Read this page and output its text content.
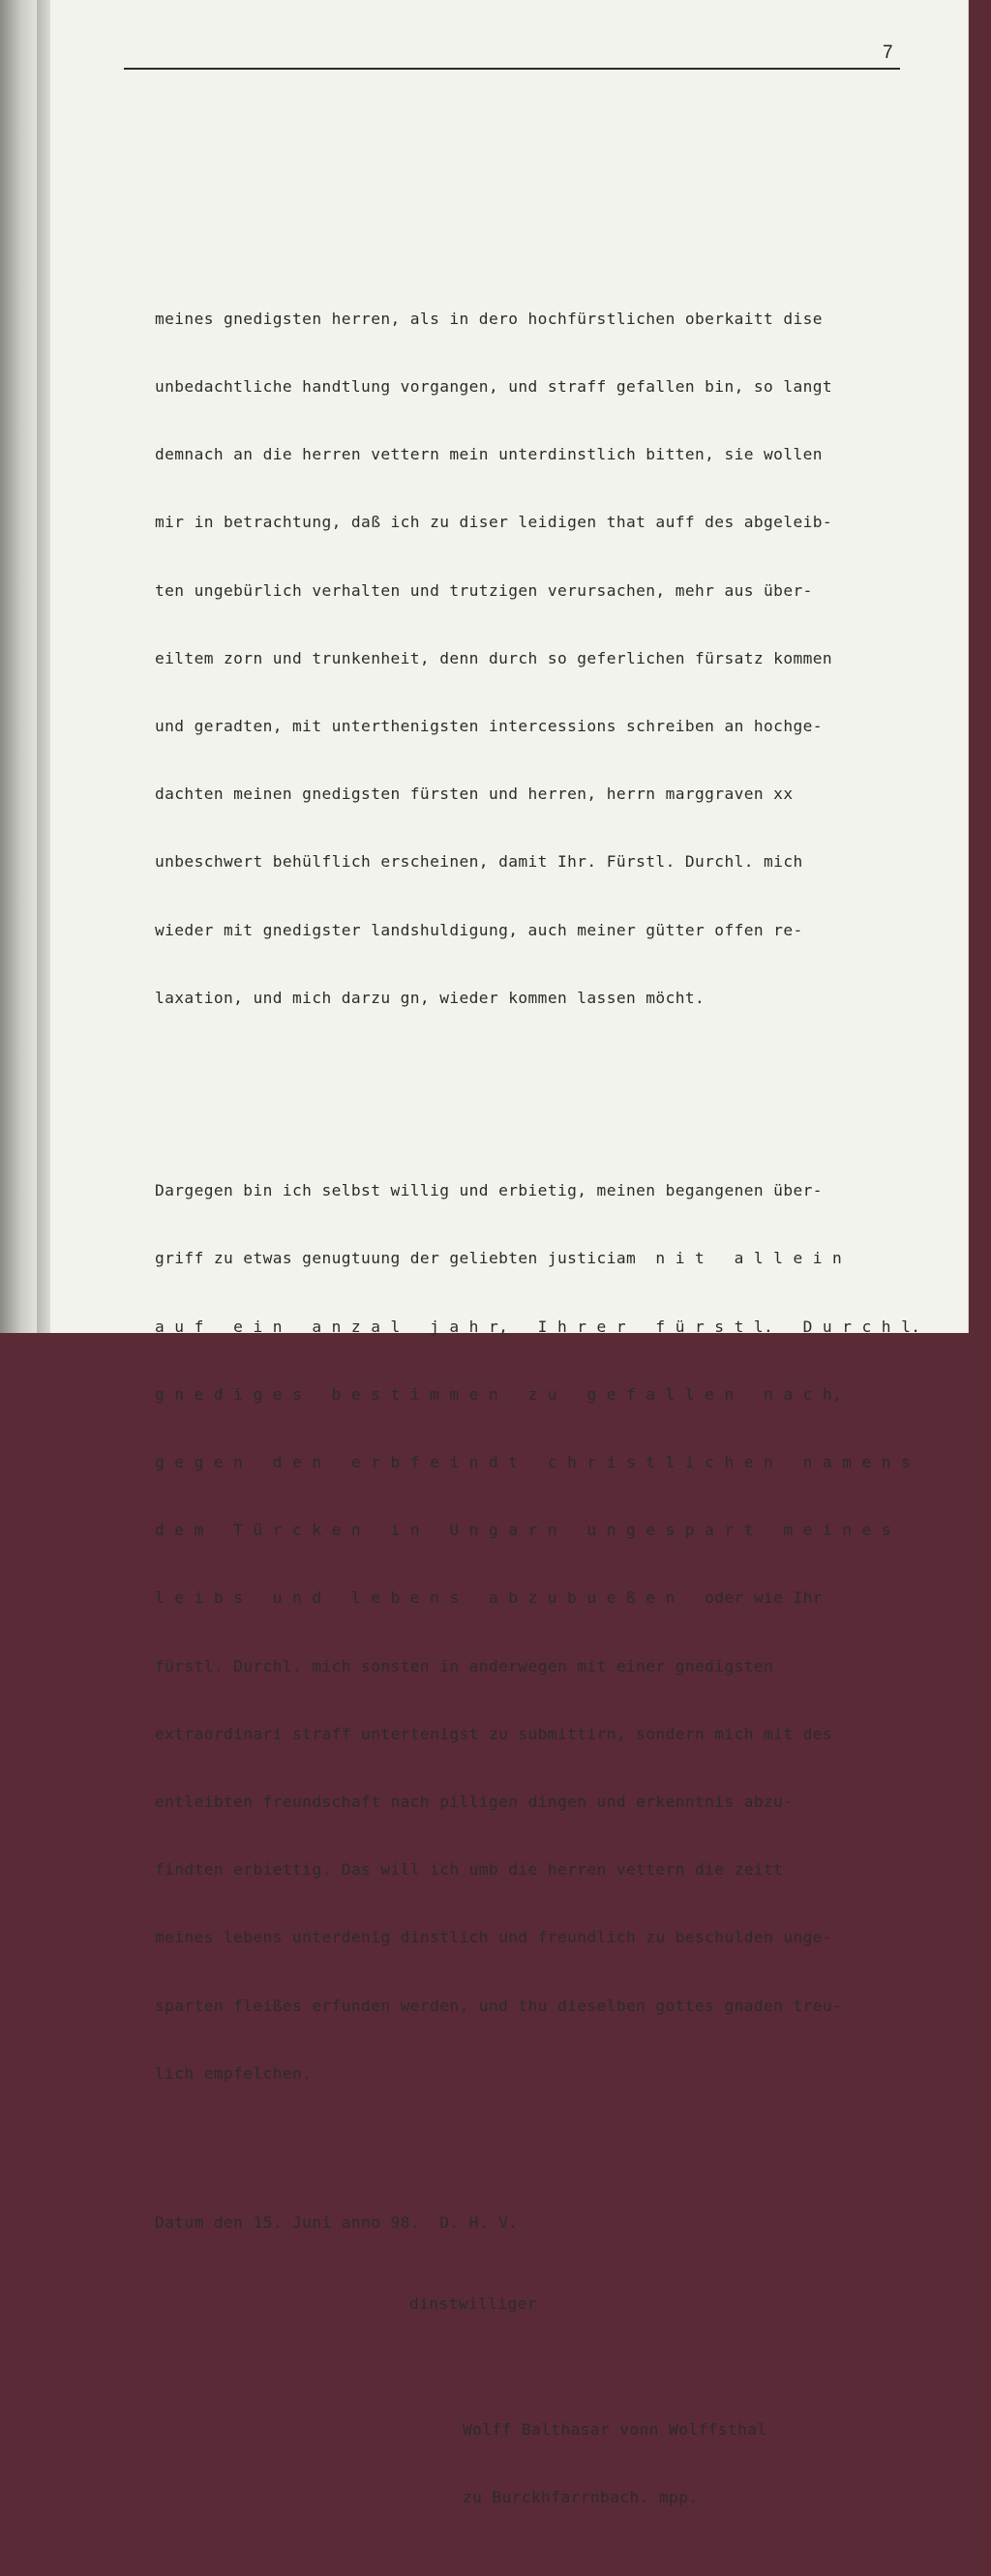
7

meines gnedigsten herren, als in dero hochfürstlichen oberkaitt dise

unbedachtliche handtlung vorgangen, und straff gefallen bin, so langt

demnach an die herren vettern mein unterdinstlich bitten, sie wollen

mir in betrachtung, daß ich zu diser leidigen that auff des abgeleib-

ten ungebürlich verhalten und trutzigen verursachen, mehr aus über-

eiltem zorn und trunkenheit, denn durch so geferlichen fürsatz kommen

und geradten, mit unterthenigsten intercessions schreiben an hochge-

dachten meinen gnedigsten fürsten und herren, herrn marggraven xx

unbeschwert behülflich erscheinen, damit Ihr. Fürstl. Durchl. mich

wieder mit gnedigster landshuldigung, auch meiner gütter offen re-

laxation, und mich darzu gn, wieder kommen lassen möcht.

Dargegen bin ich selbst willig und erbietig, meinen begangenen über-

griff zu etwas genugtuung der geliebten justiciam  n i t   a l l e i n

a u f   e i n   a n z a l   j a h r,   I h r e r   f ü r s t l.   D u r c h l.

g n e d i g e s   b e s t i m m e n   z u   g e f a l l e n   n a c h,

g e g e n   d e n   e r b f e i n d t   c h r i s t l i c h e n   n a m e n s

d e m   T ü r c k e n   i n   U n g a r n   u n g e s p a r t   m e i n e s

l e i b s   u n d   l e b e n s   a b z u b u e ß e n   oder wie Ihr

fürstl. Durchl. mich sonsten in anderwegen mit einer gnedigsten

extraordinari straff untertenigst zu submittirn, sondern mich mit des

entleibten freundschaft nach pilligen dingen und erkenntnis abzu-

findten erbiettig. Das will ich umb die herren vettern die zeitt

meines lebens unterdenig dinstlich und freundlich zu beschulden unge-

sparten fleißes erfunden werden, und thu dieselben gottes gnaden treu-

lich empfelchen.

Datum den 15. Juni anno 98.  D. H. V.

dinstwilliger

Wolff Balthasar vonn Wolffsthal

zu Burckhfarrnbach. mpp.
